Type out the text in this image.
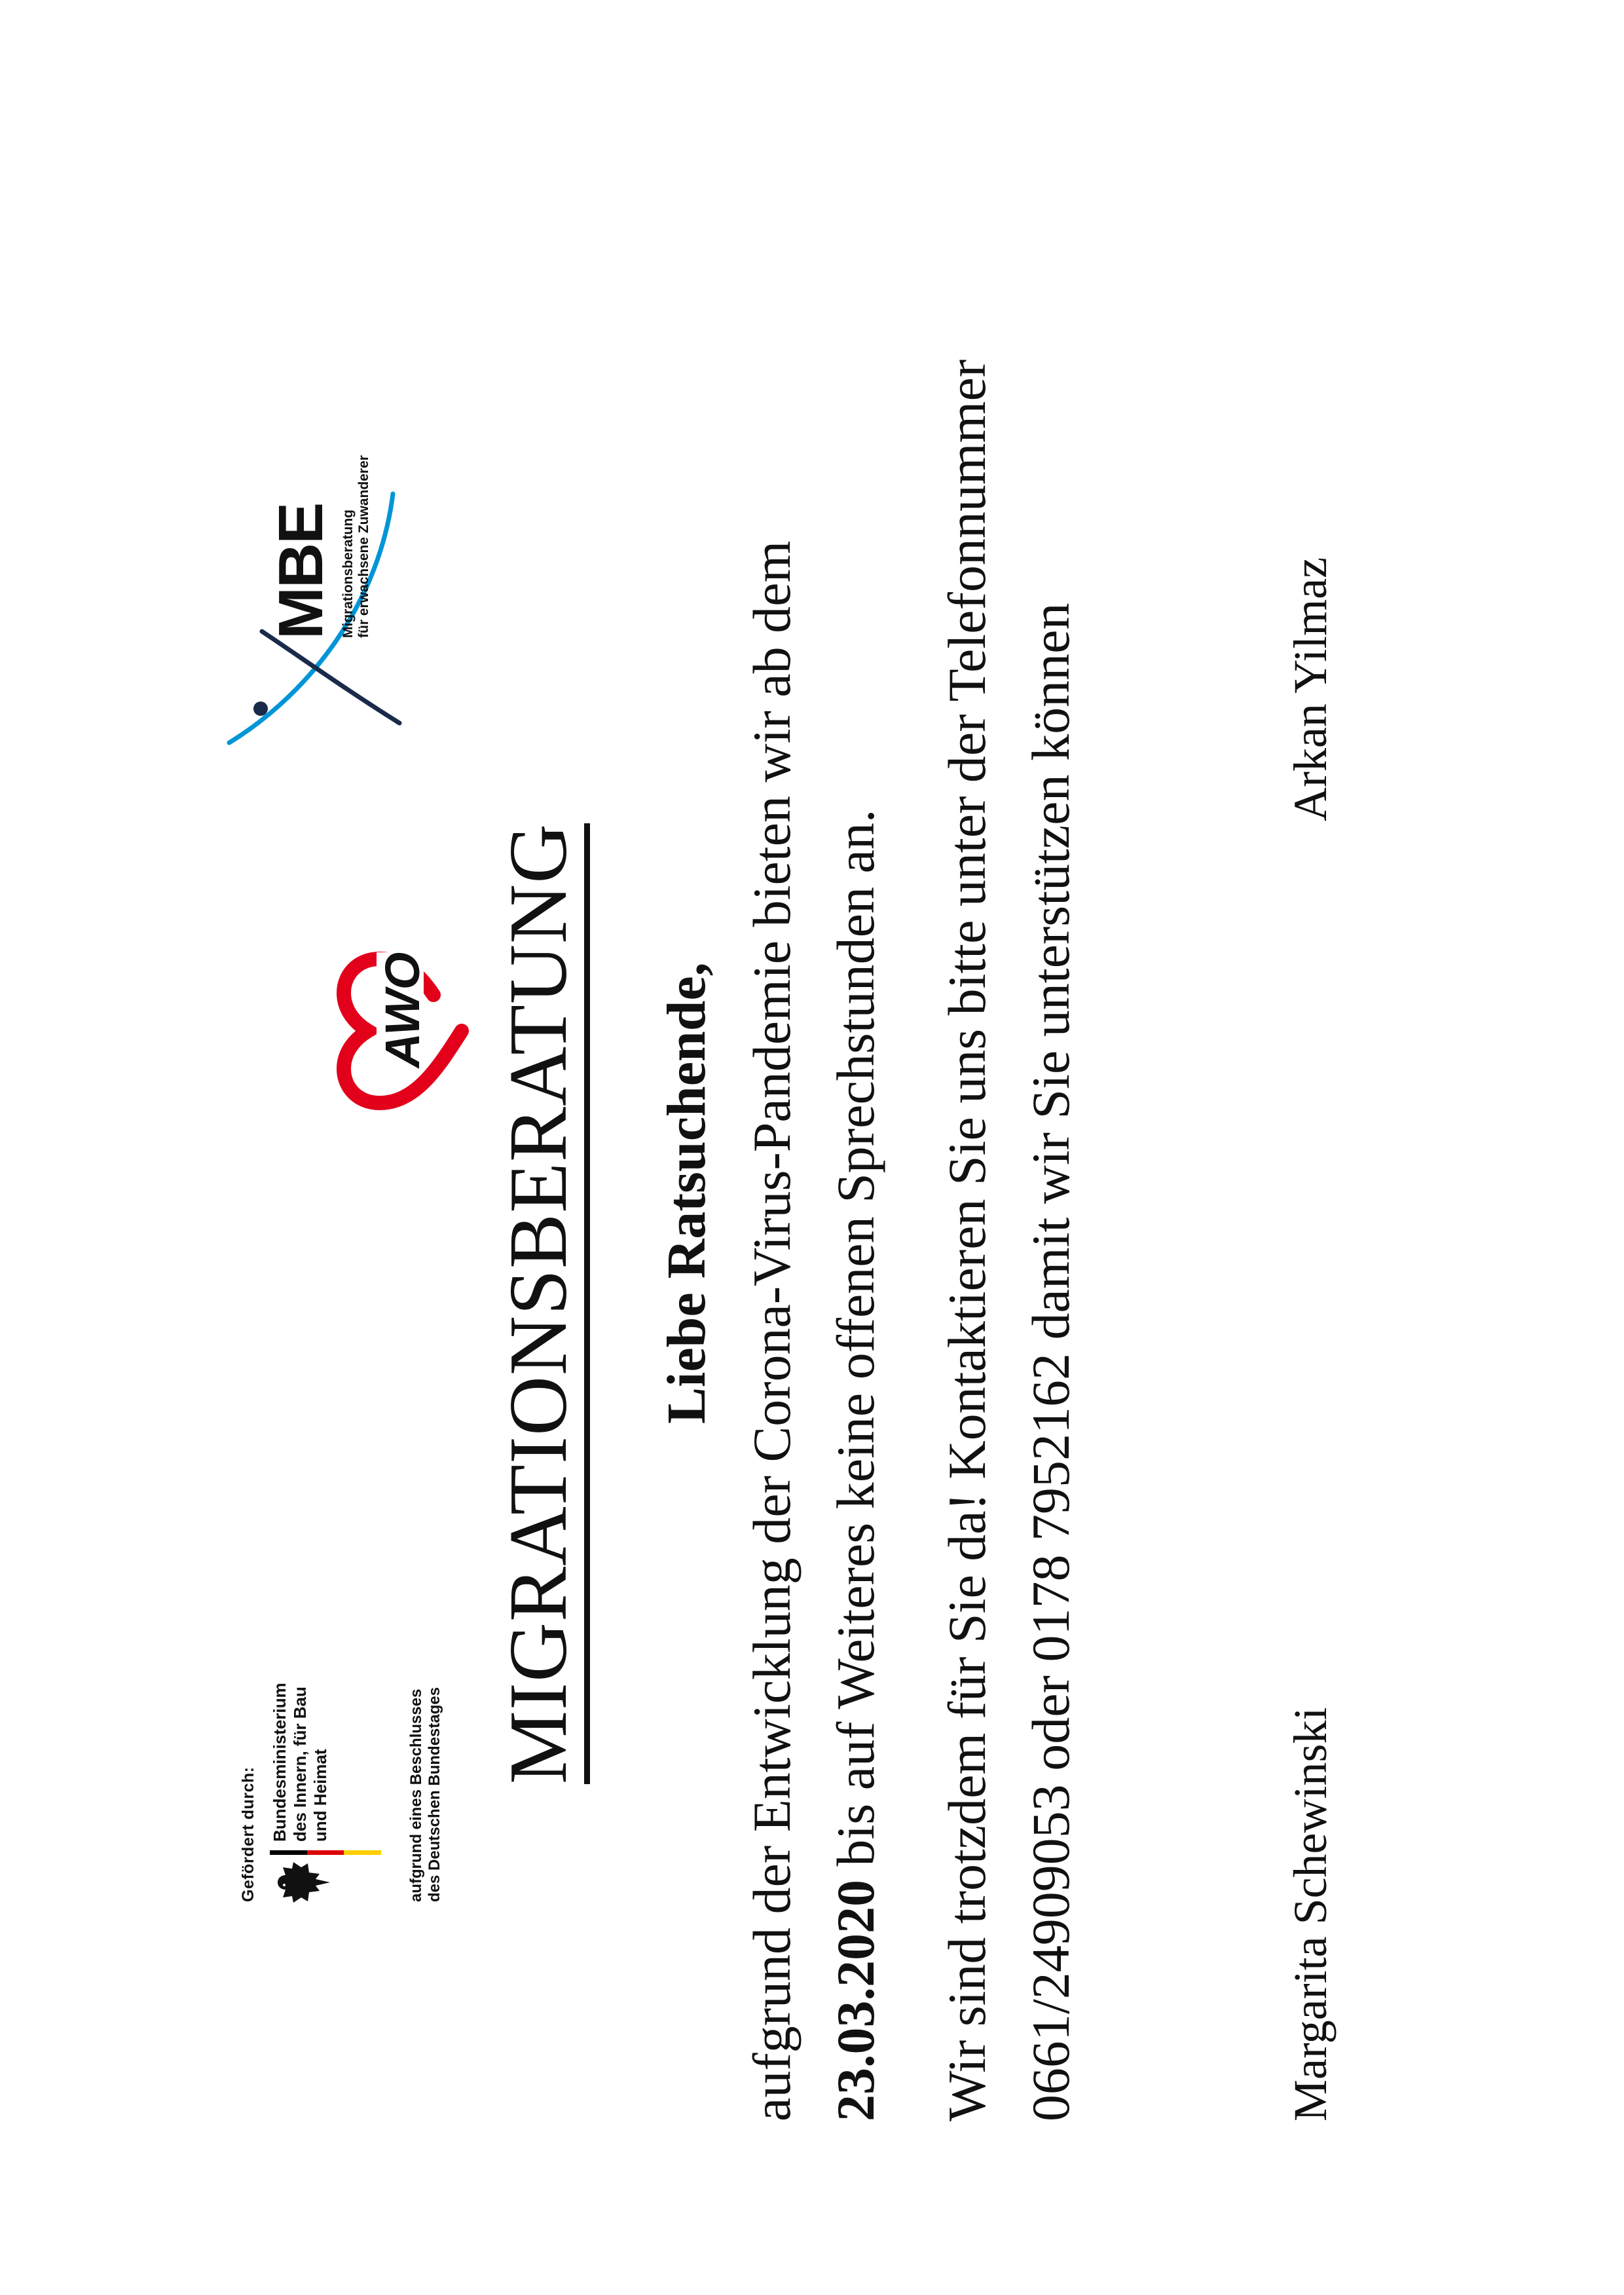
Gefördert durch: Bundesministerium
des Innern, für Bau
und Heimat
aufgrund eines Beschlusses
des Deutschen Bundestages
AWO
MBE Migrationsberatung
für erwachsene Zuwanderer
MIGRATIONSBERATUNG Liebe Ratsuchende, aufgrund der Entwicklung der Corona-Virus-Pandemie bieten wir ab dem 23.03.2020 bis auf Weiteres keine offenen Sprechstunden an. Wir sind trotzdem für Sie da! Kontaktieren Sie uns bitte unter der Telefonnummer 0661/24909053 oder 0178 7952162 damit wir Sie unterstützen können	Margarita Schewinski
Arkan Yilmaz
